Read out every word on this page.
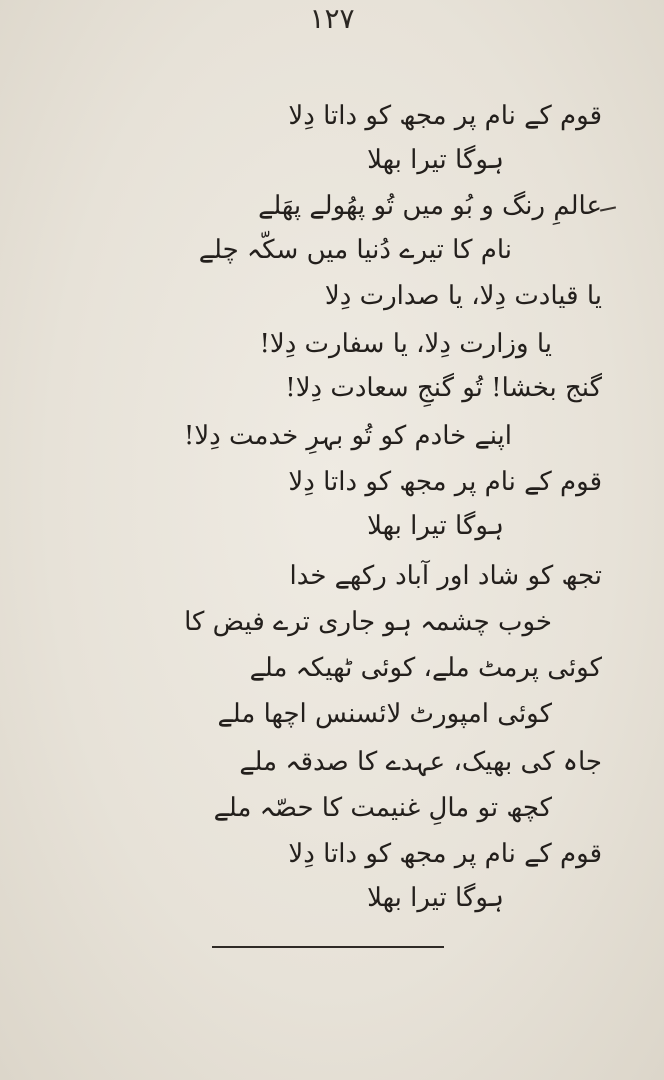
۱۲۷
قوم کے نام پر مجھ کو داتا دِلا
ہوگا تیرا بھلا
عالمِ رنگ و بُو میں تُو پھُولے پھَلے
نام کا تیرے دُنیا میں سکّہ چلے
یا قیادت دِلا، یا صدارت دِلا
یا وزارت دِلا، یا سفارت دِلا!
گنج بخشا! تُو گنجِ سعادت دِلا!
اپنے خادم کو تُو بہرِ خدمت دِلا!
قوم کے نام پر مجھ کو داتا دِلا
ہوگا تیرا بھلا
تجھ کو شاد اور آباد رکھے خدا
خوب چشمہ ہو جاری ترے فیض کا
کوئی پرمٹ ملے، کوئی ٹھیکہ ملے
کوئی امپورٹ لائسنس اچھا ملے
جاہ کی بھیک، عہدے کا صدقہ ملے
کچھ تو مالِ غنیمت کا حصّہ ملے
قوم کے نام پر مجھ کو داتا دِلا
ہوگا تیرا بھلا
